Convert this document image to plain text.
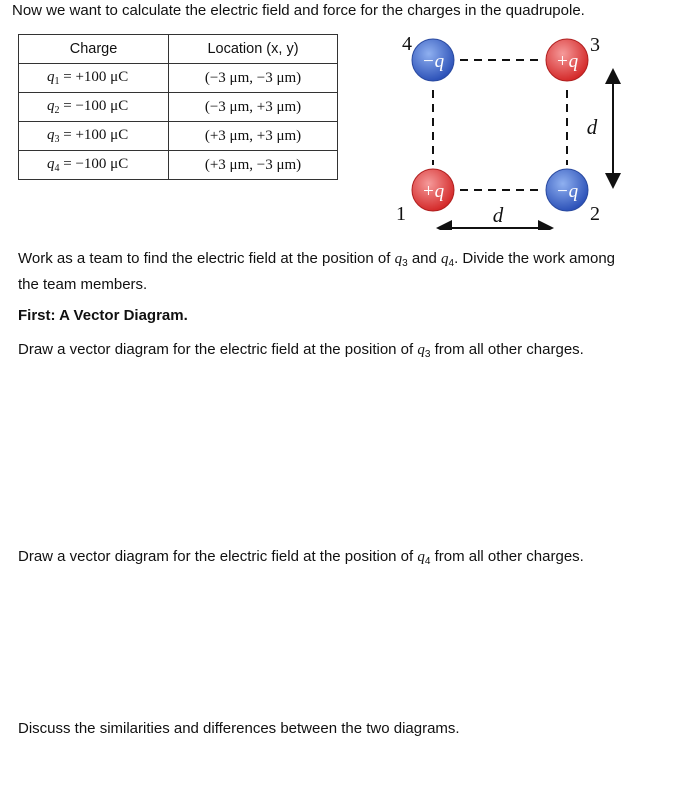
Now we want to calculate the electric field and force for the charges in the quadrupole.
Charge	Location (x, y)
$q_1 = +100$ μC	(−3 μm, −3 μm)
$q_2 = -100$ μC	(−3 μm, +3 μm)
$q_3 = +100$ μC	(+3 μm, +3 μm)
$q_4 = -100$ μC	(+3 μm, −3 μm)
−q	+q
+q	−q
4	3
1	2
d
d
Work as a team to find the electric field at the position of $q_3$ and $q_4$. Divide the work among the team members.
First: A Vector Diagram.
Draw a vector diagram for the electric field at the position of $q_3$ from all other charges.
Draw a vector diagram for the electric field at the position of $q_4$ from all other charges.
Discuss the similarities and differences between the two diagrams.
